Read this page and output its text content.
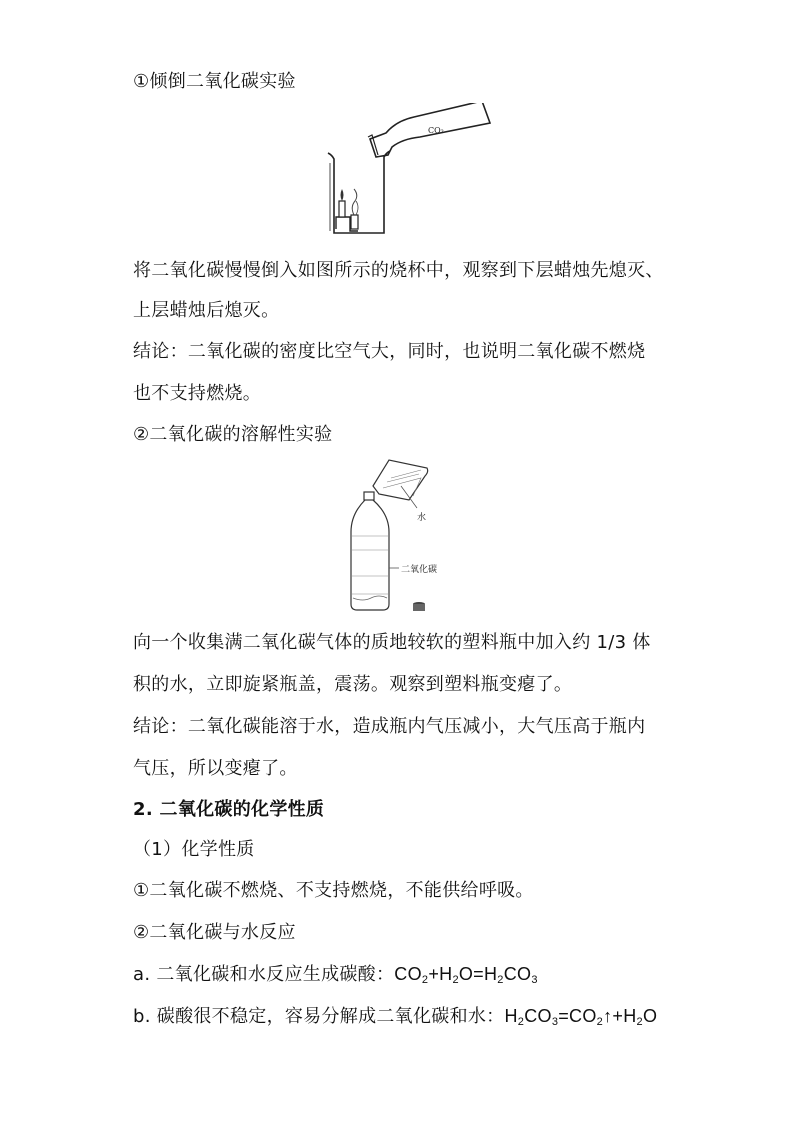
①倾倒二氧化碳实验
CO₂
将二氧化碳慢慢倒入如图所示的烧杯中，观察到下层蜡烛先熄灭、
上层蜡烛后熄灭。
结论：二氧化碳的密度比空气大，同时，也说明二氧化碳不燃烧
也不支持燃烧。
②二氧化碳的溶解性实验
水
二氧化碳
向一个收集满二氧化碳气体的质地较软的塑料瓶中加入约 1/3 体
积的水，立即旋紧瓶盖，震荡。观察到塑料瓶变瘪了。
结论：二氧化碳能溶于水，造成瓶内气压减小，大气压高于瓶内
气压，所以变瘪了。
2. 二氧化碳的化学性质
（1）化学性质
①二氧化碳不燃烧、不支持燃烧，不能供给呼吸。
②二氧化碳与水反应
a. 二氧化碳和水反应生成碳酸：$CO_2+H_2O=H_2CO_3$
b. 碳酸很不稳定，容易分解成二氧化碳和水：$H_2CO_3=CO_2↑+H_2O$
